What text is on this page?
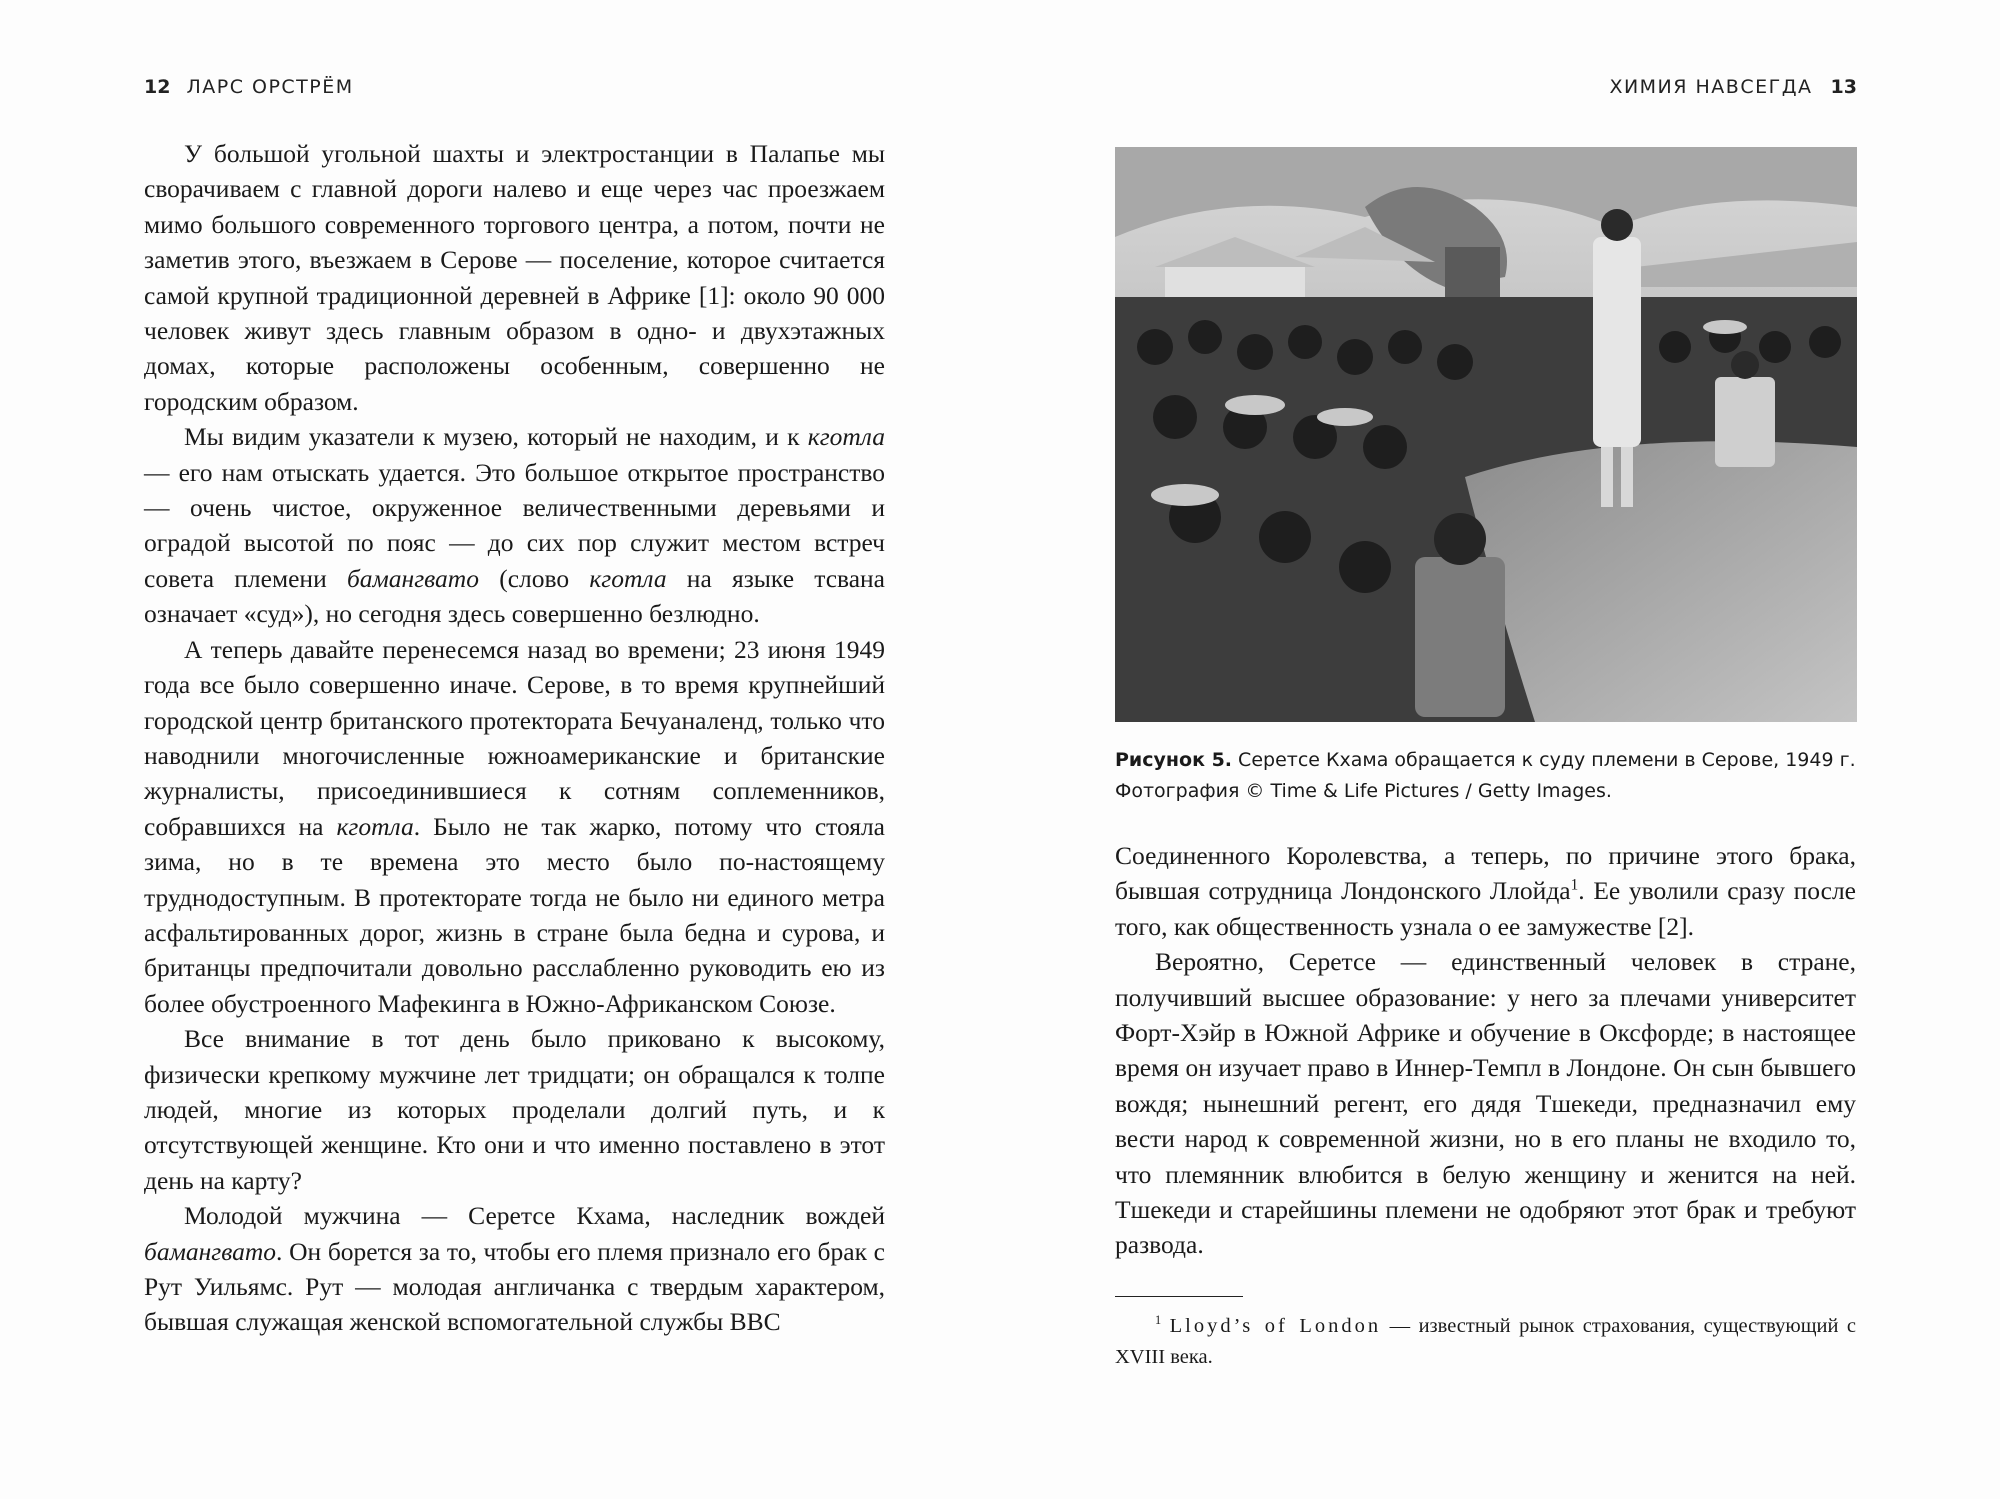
12 ЛАРС ОРСТРЁМ	ХИМИЯ НАВСЕГДА 13

У большой угольной шахты и электростанции в Палапье мы сворачиваем с главной дороги налево и еще через час проезжаем мимо большого современного торгового центра, а потом, почти не заметив этого, въезжаем в Серове — поселение, которое считается самой крупной традиционной деревней в Африке [1]: около 90 000 человек живут здесь главным образом в одно- и двухэтажных домах, которые расположены особенным, совершенно не городским образом.

Мы видим указатели к музею, который не находим, и к кготла — его нам отыскать удается. Это большое открытое пространство — очень чистое, окруженное величественными деревьями и оградой высотой по пояс — до сих пор служит местом встреч совета племени бамангвато (слово кготла на языке тсвана означает «суд»), но сегодня здесь совершенно безлюдно.

А теперь давайте перенесемся назад во времени; 23 июня 1949 года все было совершенно иначе. Серове, в то время крупнейший городской центр британского протектората Бечуаналенд, только что наводнили многочисленные южноамериканские и британские журналисты, присоединившиеся к сотням соплеменников, собравшихся на кготла. Было не так жарко, потому что стояла зима, но в те времена это место было по-настоящему труднодоступным. В протекторате тогда не было ни единого метра асфальтированных дорог, жизнь в стране была бедна и сурова, и британцы предпочитали довольно расслабленно руководить ею из более обустроенного Мафекинга в Южно-Африканском Союзе.

Все внимание в тот день было приковано к высокому, физически крепкому мужчине лет тридцати; он обращался к толпе людей, многие из которых проделали долгий путь, и к отсутствующей женщине. Кто они и что именно поставлено в этот день на карту?

Молодой мужчина — Серетсе Кхама, наследник вождей бамангвато. Он борется за то, чтобы его племя признало его брак с Рут Уильямс. Рут — молодая англичанка с твердым характером, бывшая служащая женской вспомогательной службы ВВС

Рисунок 5. Серетсе Кхама обращается к суду племени в Серове, 1949 г.
Фотография © Time & Life Pictures / Getty Images.

Соединенного Королевства, а теперь, по причине этого брака, бывшая сотрудница Лондонского Ллойда$^1$. Ее уволили сразу после того, как общественность узнала о ее замужестве [2].

Вероятно, Серетсе — единственный человек в стране, получивший высшее образование: у него за плечами университет Форт-Хэйр в Южной Африке и обучение в Оксфорде; в настоящее время он изучает право в Иннер-Темпл в Лондоне. Он сын бывшего вождя; нынешний регент, его дядя Тшекеди, предназначил ему вести народ к современной жизни, но в его планы не входило то, что племянник влюбится в белую женщину и женится на ней. Тшекеди и старейшины племени не одобряют этот брак и требуют развода.

$^1$ Lloyd’s of London — известный рынок страхования, существующий с XVIII века.
